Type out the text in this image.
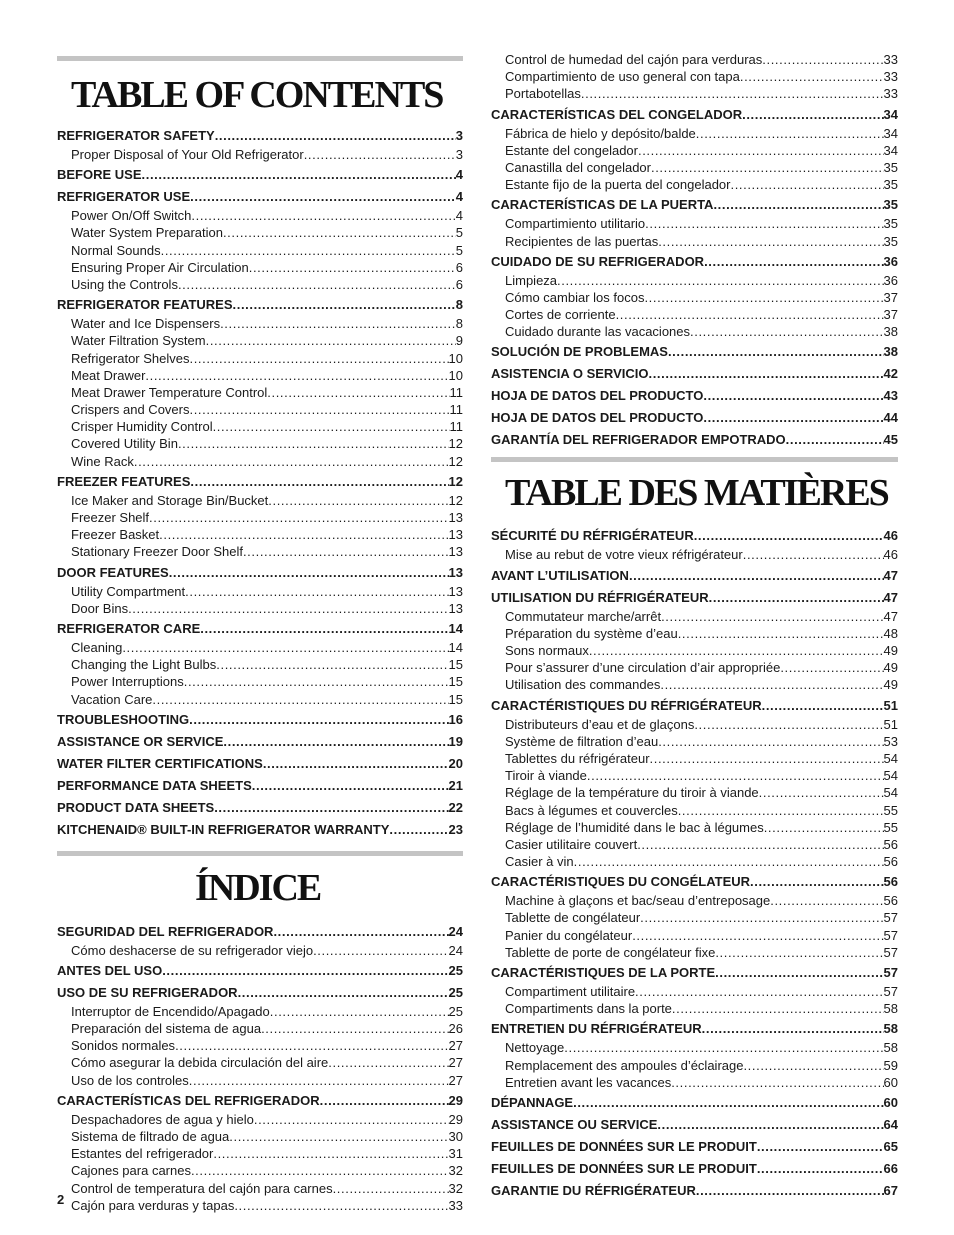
TABLE OF CONTENTS
REFRIGERATOR SAFETY .....	3
Proper Disposal of Your Old Refrigerator .....	3
BEFORE USE .....	4
REFRIGERATOR USE .....	4
Power On/Off Switch .....	4
Water System Preparation .....	5
Normal Sounds .....	5
Ensuring Proper Air Circulation .....	6
Using the Controls .....	6
REFRIGERATOR FEATURES .....	8
Water and Ice Dispensers .....	8
Water Filtration System .....	9
Refrigerator Shelves .....	10
Meat Drawer .....	10
Meat Drawer Temperature Control .....	11
Crispers and Covers .....	11
Crisper Humidity Control .....	11
Covered Utility Bin .....	12
Wine Rack .....	12
FREEZER FEATURES .....	12
Ice Maker and Storage Bin/Bucket .....	12
Freezer Shelf .....	13
Freezer Basket .....	13
Stationary Freezer Door Shelf .....	13
DOOR FEATURES .....	13
Utility Compartment .....	13
Door Bins .....	13
REFRIGERATOR CARE .....	14
Cleaning .....	14
Changing the Light Bulbs .....	15
Power Interruptions .....	15
Vacation Care .....	15
TROUBLESHOOTING .....	16
ASSISTANCE OR SERVICE .....	19
WATER FILTER CERTIFICATIONS .....	20
PERFORMANCE DATA SHEETS .....	21
PRODUCT DATA SHEETS .....	22
KITCHENAID® BUILT-IN REFRIGERATOR WARRANTY .....	23
ÍNDICE
SEGURIDAD DEL REFRIGERADOR .....	24
Cómo deshacerse de su refrigerador viejo .....	24
ANTES DEL USO .....	25
USO DE SU REFRIGERADOR .....	25
Interruptor de Encendido/Apagado .....	25
Preparación del sistema de agua .....	26
Sonidos normales .....	27
Cómo asegurar la debida circulación del aire .....	27
Uso de los controles .....	27
CARACTERÍSTICAS DEL REFRIGERADOR .....	29
Despachadores de agua y hielo .....	29
Sistema de filtrado de agua .....	30
Estantes del refrigerador .....	31
Cajones para carnes .....	32
Control de temperatura del cajón para carnes .....	32
Cajón para verduras y tapas .....	33
Control de humedad del cajón para verduras .....	33
Compartimiento de uso general con tapa .....	33
Portabotellas .....	33
CARACTERÍSTICAS DEL CONGELADOR .....	34
Fábrica de hielo y depósito/balde .....	34
Estante del congelador .....	34
Canastilla del congelador .....	35
Estante fijo de la puerta del congelador .....	35
CARACTERÍSTICAS DE LA PUERTA .....	35
Compartimiento utilitario .....	35
Recipientes de las puertas .....	35
CUIDADO DE SU REFRIGERADOR .....	36
Limpieza .....	36
Cómo cambiar los focos .....	37
Cortes de corriente .....	37
Cuidado durante las vacaciones .....	38
SOLUCIÓN DE PROBLEMAS .....	38
ASISTENCIA O SERVICIO .....	42
HOJA DE DATOS DEL PRODUCTO .....	43
HOJA DE DATOS DEL PRODUCTO .....	44
GARANTÍA DEL REFRIGERADOR EMPOTRADO .....	45
TABLE DES MATIÈRES
SÉCURITÉ DU RÉFRIGÉRATEUR .....	46
Mise au rebut de votre vieux réfrigérateur .....	46
AVANT L’UTILISATION .....	47
UTILISATION DU RÉFRIGÉRATEUR .....	47
Commutateur marche/arrêt .....	47
Préparation du système d’eau .....	48
Sons normaux .....	49
Pour s’assurer d’une circulation d’air appropriée .....	49
Utilisation des commandes .....	49
CARACTÉRISTIQUES DU RÉFRIGÉRATEUR .....	51
Distributeurs d’eau et de glaçons .....	51
Système de filtration d’eau .....	53
Tablettes du réfrigérateur .....	54
Tiroir à viande .....	54
Réglage de la température du tiroir à viande .....	54
Bacs à légumes et couvercles .....	55
Réglage de l’humidité dans le bac à légumes .....	55
Casier utilitaire couvert .....	56
Casier à vin .....	56
CARACTÉRISTIQUES DU CONGÉLATEUR .....	56
Machine à glaçons et bac/seau d’entreposage .....	56
Tablette de congélateur .....	57
Panier du congélateur .....	57
Tablette de porte de congélateur fixe .....	57
CARACTÉRISTIQUES DE LA PORTE .....	57
Compartiment utilitaire .....	57
Compartiments dans la porte .....	58
ENTRETIEN DU RÉFRIGÉRATEUR .....	58
Nettoyage .....	58
Remplacement des ampoules d’éclairage .....	59
Entretien avant les vacances .....	60
DÉPANNAGE .....	60
ASSISTANCE OU SERVICE .....	64
FEUILLES DE DONNÉES SUR LE PRODUIT .....	65
FEUILLES DE DONNÉES SUR LE PRODUIT .....	66
GARANTIE DU RÉFRIGÉRATEUR .....	67
2
